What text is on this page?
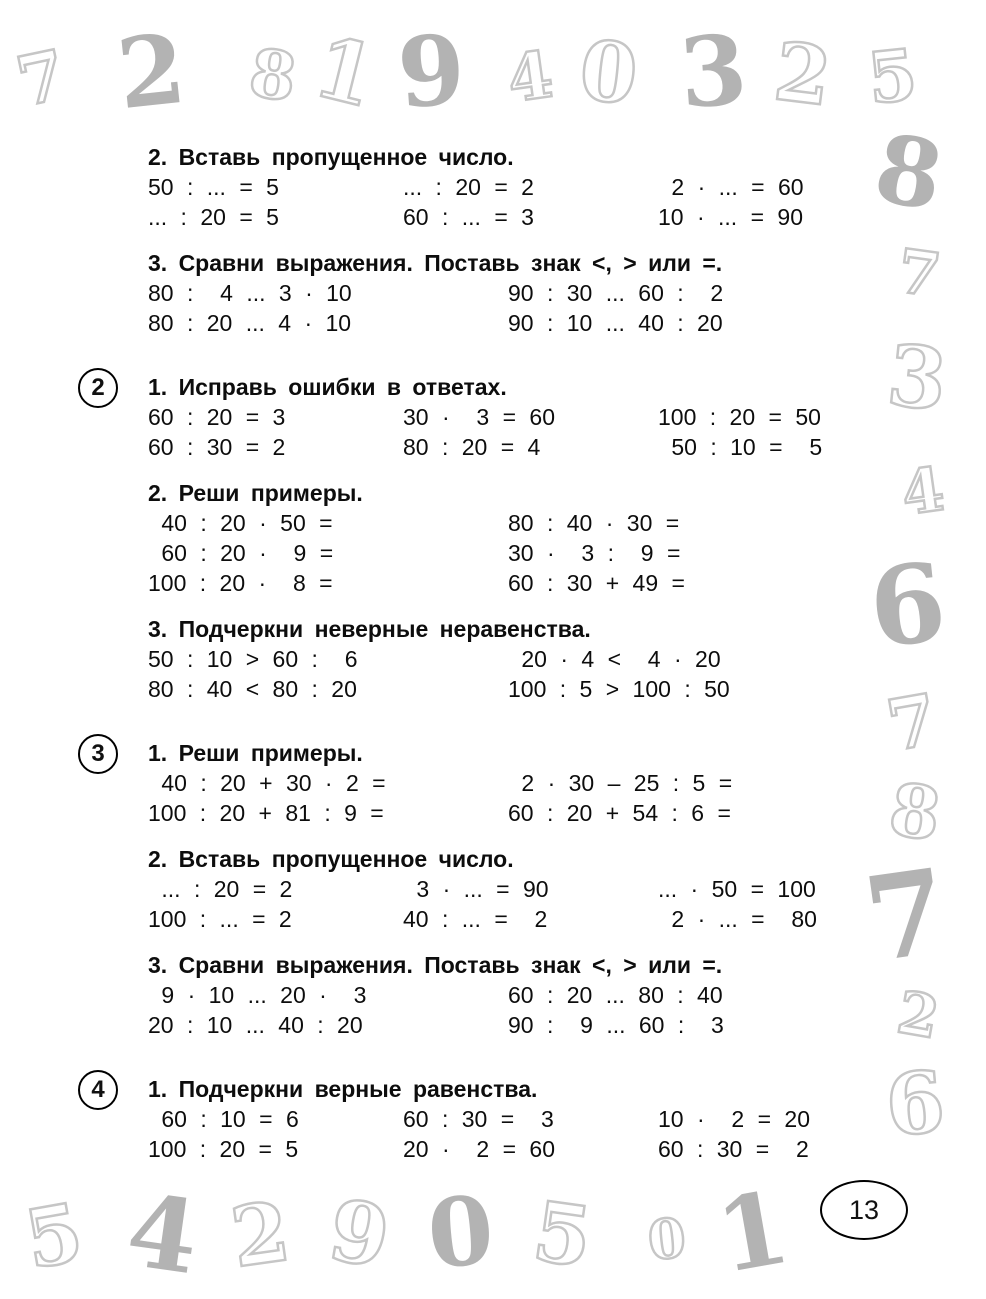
7 2 8 1 9 4 0 3 2 5
8
7
3
4
6
7
8
7
2
6
5 4 2 9 0 5 0 1
2. Вставь пропущенное число.
50 : ... = 5	... : 20 = 2	2 · ... = 60
... : 20 = 5	60 : ... = 3	10 · ... = 90
3. Сравни выражения. Поставь знак <, > или =.
80 :  4 ... 3 · 10	90 : 30 ... 60 :  2
80 : 20 ... 4 · 10	90 : 10 ... 40 : 20
2	1. Исправь ошибки в ответах.
60 : 20 = 3	30 ·  3 = 60	100 : 20 = 50
60 : 30 = 2	80 : 20 = 4	50 : 10 =  5
2. Реши примеры.
40 : 20 · 50 =	80 : 40 · 30 =
60 : 20 ·  9 =	30 ·  3 :  9 =
100 : 20 ·  8 =	60 : 30 + 49 =
3. Подчеркни неверные неравенства.
50 : 10 > 60 :  6	20 · 4 <  4 · 20
80 : 40 < 80 : 20	100 : 5 > 100 : 50
3	1. Реши примеры.
40 : 20 + 30 · 2 =	2 · 30 – 25 : 5 =
100 : 20 + 81 : 9 =	60 : 20 + 54 : 6 =
2. Вставь пропущенное число.
... : 20 = 2	3 · ... = 90	... · 50 = 100
100 : ... = 2	40 : ... =  2	2 · ... =  80
3. Сравни выражения. Поставь знак <, > или =.
9 · 10 ... 20 ·  3	60 : 20 ... 80 : 40
20 : 10 ... 40 : 20	90 :  9 ... 60 :  3
4	1. Подчеркни верные равенства.
60 : 10 = 6	60 : 30 =  3	10 ·  2 = 20
100 : 20 = 5	20 ·  2 = 60	60 : 30 =  2
13
